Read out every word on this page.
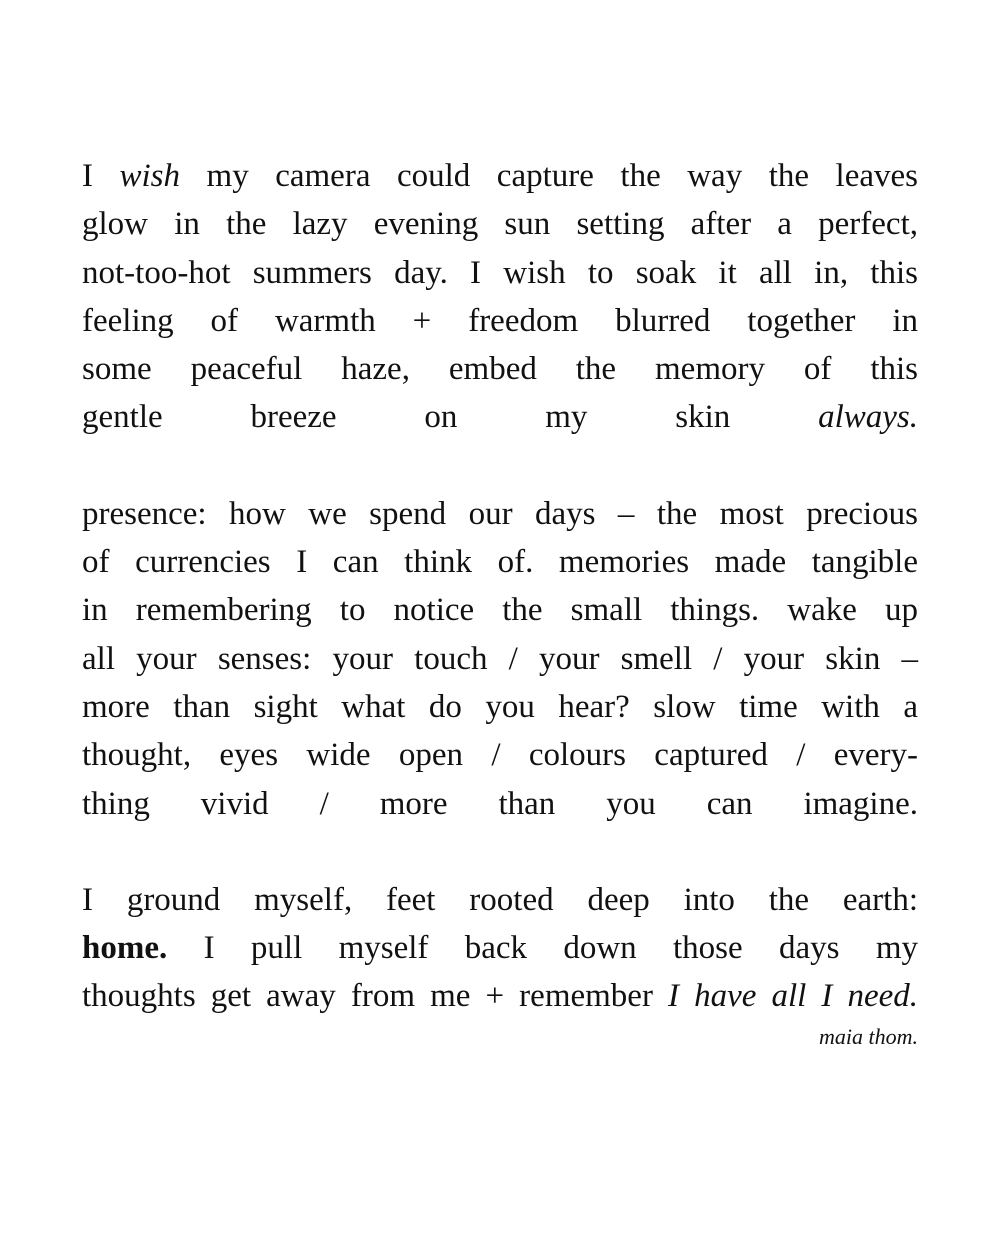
I wish my camera could capture the way the leaves
glow in the lazy evening sun setting after a perfect,
not-too-hot summers day. I wish to soak it all in, this
feeling of warmth + freedom blurred together in
some peaceful haze, embed the memory of this
gentle breeze on my skin always.

presence: how we spend our days – the most precious
of currencies I can think of. memories made tangible
in remembering to notice the small things. wake up
all your senses: your touch / your smell / your skin –
more than sight what do you hear? slow time with a
thought, eyes wide open / colours captured / every-
thing vivid / more than you can imagine.

I ground myself, feet rooted deep into the earth:
home. I pull myself back down those days my
thoughts get away from me + remember I have all I need.

maia thom.
